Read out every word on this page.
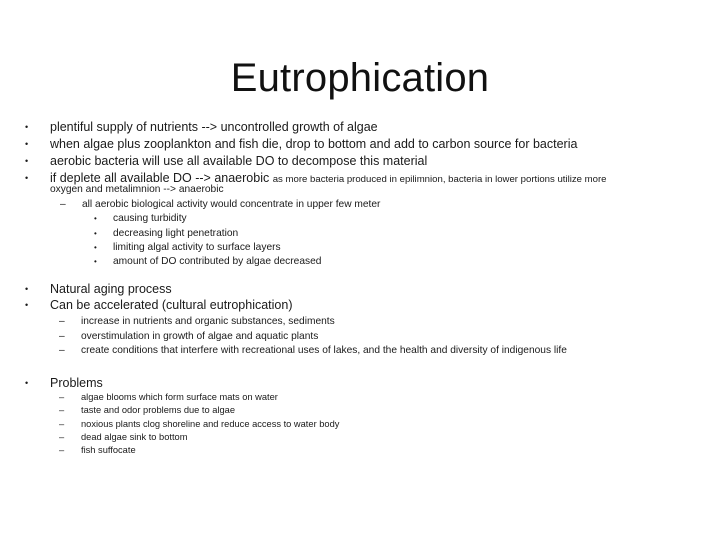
Eutrophication
• plentiful supply of nutrients --> uncontrolled growth of algae
• when algae plus zooplankton and fish die, drop to bottom and add to carbon source for bacteria
• aerobic bacteria will use all available DO to decompose this material
• if deplete all available DO --> anaerobic as more bacteria produced in epilimnion, bacteria in lower portions utilize more
oxygen and metalimnion --> anaerobic
– all aerobic biological activity would concentrate in upper few meter
• causing turbidity
• decreasing light penetration
• limiting algal activity to surface layers
• amount of DO contributed by algae decreased
• Natural aging process
• Can be accelerated (cultural eutrophication)
– increase in nutrients and organic substances, sediments
– overstimulation in growth of algae and aquatic plants
– create conditions that interfere with recreational uses of lakes, and the health and diversity of indigenous life
• Problems
– algae blooms which form surface mats on water
– taste and odor problems due to algae
– noxious plants clog shoreline and reduce access to water body
– dead algae sink to bottom
– fish suffocate
